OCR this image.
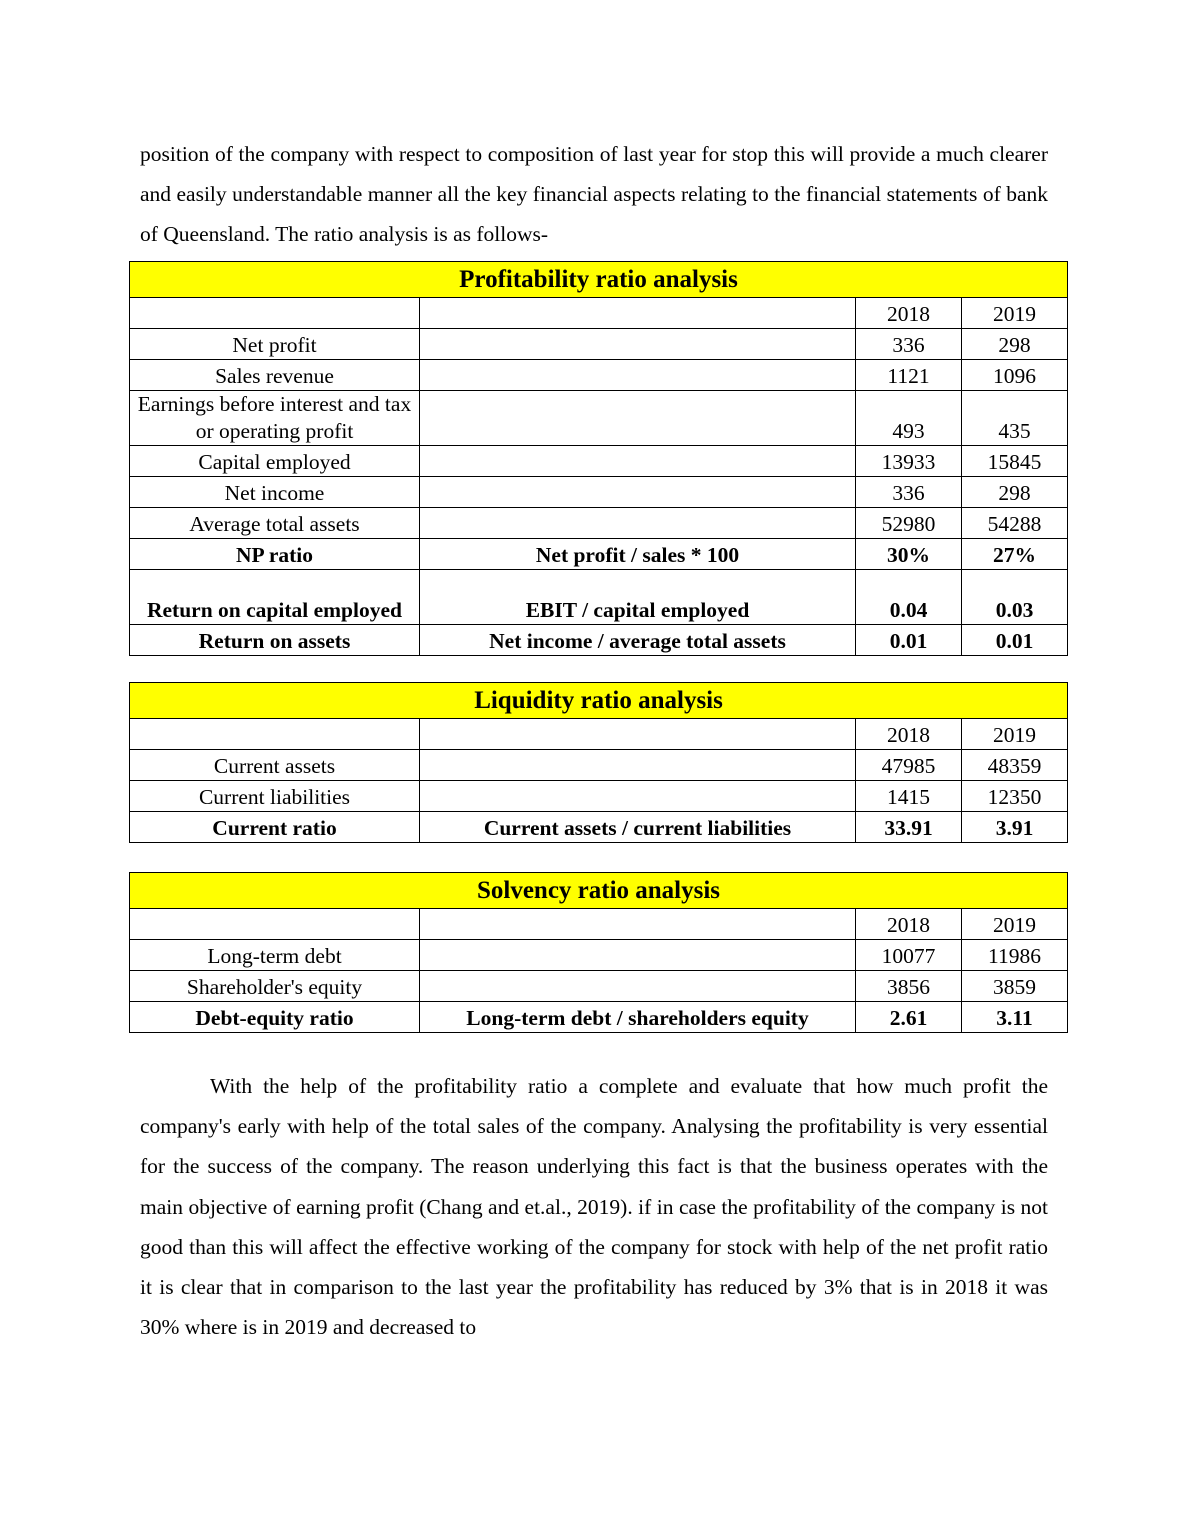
position of the company with respect to composition of last year for stop this will provide a much clearer and easily understandable manner all the key financial aspects relating to the financial statements of bank of Queensland. The ratio analysis is as follows-

Profitability ratio analysis			
		2018	2019
Net profit		336	298
Sales revenue		1121	1096
Earnings before interest and tax or operating profit		493	435
Capital employed		13933	15845
Net income		336	298
Average total assets		52980	54288
NP ratio	Net profit / sales * 100	30%	27%
Return on capital employed	EBIT / capital employed	0.04	0.03
Return on assets	Net income / average total assets	0.01	0.01
Liquidity ratio analysis			
		2018	2019
Current assets		47985	48359
Current liabilities		1415	12350
Current ratio	Current assets / current liabilities	33.91	3.91
Solvency ratio analysis			
		2018	2019
Long-term debt		10077	11986
Shareholder's equity		3856	3859
Debt-equity ratio	Long-term debt / shareholders equity	2.61	3.11

With the help of the profitability ratio a complete and evaluate that how much profit the company's early with help of the total sales of the company. Analysing the profitability is very essential for the success of the company. The reason underlying this fact is that the business operates with the main objective of earning profit (Chang and et.al., 2019). if in case the profitability of the company is not good than this will affect the effective working of the company for stock with help of the net profit ratio it is clear that in comparison to the last year the profitability has reduced by 3% that is in 2018 it was 30% where is in 2019 and decreased to
